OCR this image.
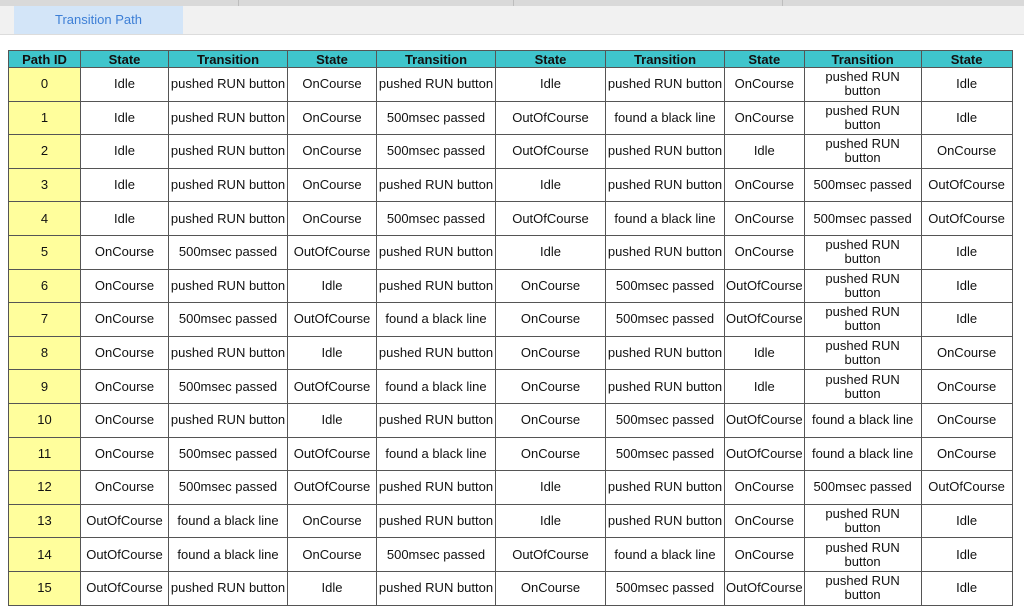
Transition Path
Path ID	State	Transition	State	Transition	State	Transition	State	Transition	State
0	Idle	pushed RUN button	OnCourse	pushed RUN button	Idle	pushed RUN button	OnCourse	pushed RUN button	Idle
1	Idle	pushed RUN button	OnCourse	500msec passed	OutOfCourse	found a black line	OnCourse	pushed RUN button	Idle
2	Idle	pushed RUN button	OnCourse	500msec passed	OutOfCourse	pushed RUN button	Idle	pushed RUN button	OnCourse
3	Idle	pushed RUN button	OnCourse	pushed RUN button	Idle	pushed RUN button	OnCourse	500msec passed	OutOfCourse
4	Idle	pushed RUN button	OnCourse	500msec passed	OutOfCourse	found a black line	OnCourse	500msec passed	OutOfCourse
5	OnCourse	500msec passed	OutOfCourse	pushed RUN button	Idle	pushed RUN button	OnCourse	pushed RUN button	Idle
6	OnCourse	pushed RUN button	Idle	pushed RUN button	OnCourse	500msec passed	OutOfCourse	pushed RUN button	Idle
7	OnCourse	500msec passed	OutOfCourse	found a black line	OnCourse	500msec passed	OutOfCourse	pushed RUN button	Idle
8	OnCourse	pushed RUN button	Idle	pushed RUN button	OnCourse	pushed RUN button	Idle	pushed RUN button	OnCourse
9	OnCourse	500msec passed	OutOfCourse	found a black line	OnCourse	pushed RUN button	Idle	pushed RUN button	OnCourse
10	OnCourse	pushed RUN button	Idle	pushed RUN button	OnCourse	500msec passed	OutOfCourse	found a black line	OnCourse
11	OnCourse	500msec passed	OutOfCourse	found a black line	OnCourse	500msec passed	OutOfCourse	found a black line	OnCourse
12	OnCourse	500msec passed	OutOfCourse	pushed RUN button	Idle	pushed RUN button	OnCourse	500msec passed	OutOfCourse
13	OutOfCourse	found a black line	OnCourse	pushed RUN button	Idle	pushed RUN button	OnCourse	pushed RUN button	Idle
14	OutOfCourse	found a black line	OnCourse	500msec passed	OutOfCourse	found a black line	OnCourse	pushed RUN button	Idle
15	OutOfCourse	pushed RUN button	Idle	pushed RUN button	OnCourse	500msec passed	OutOfCourse	pushed RUN button	Idle
